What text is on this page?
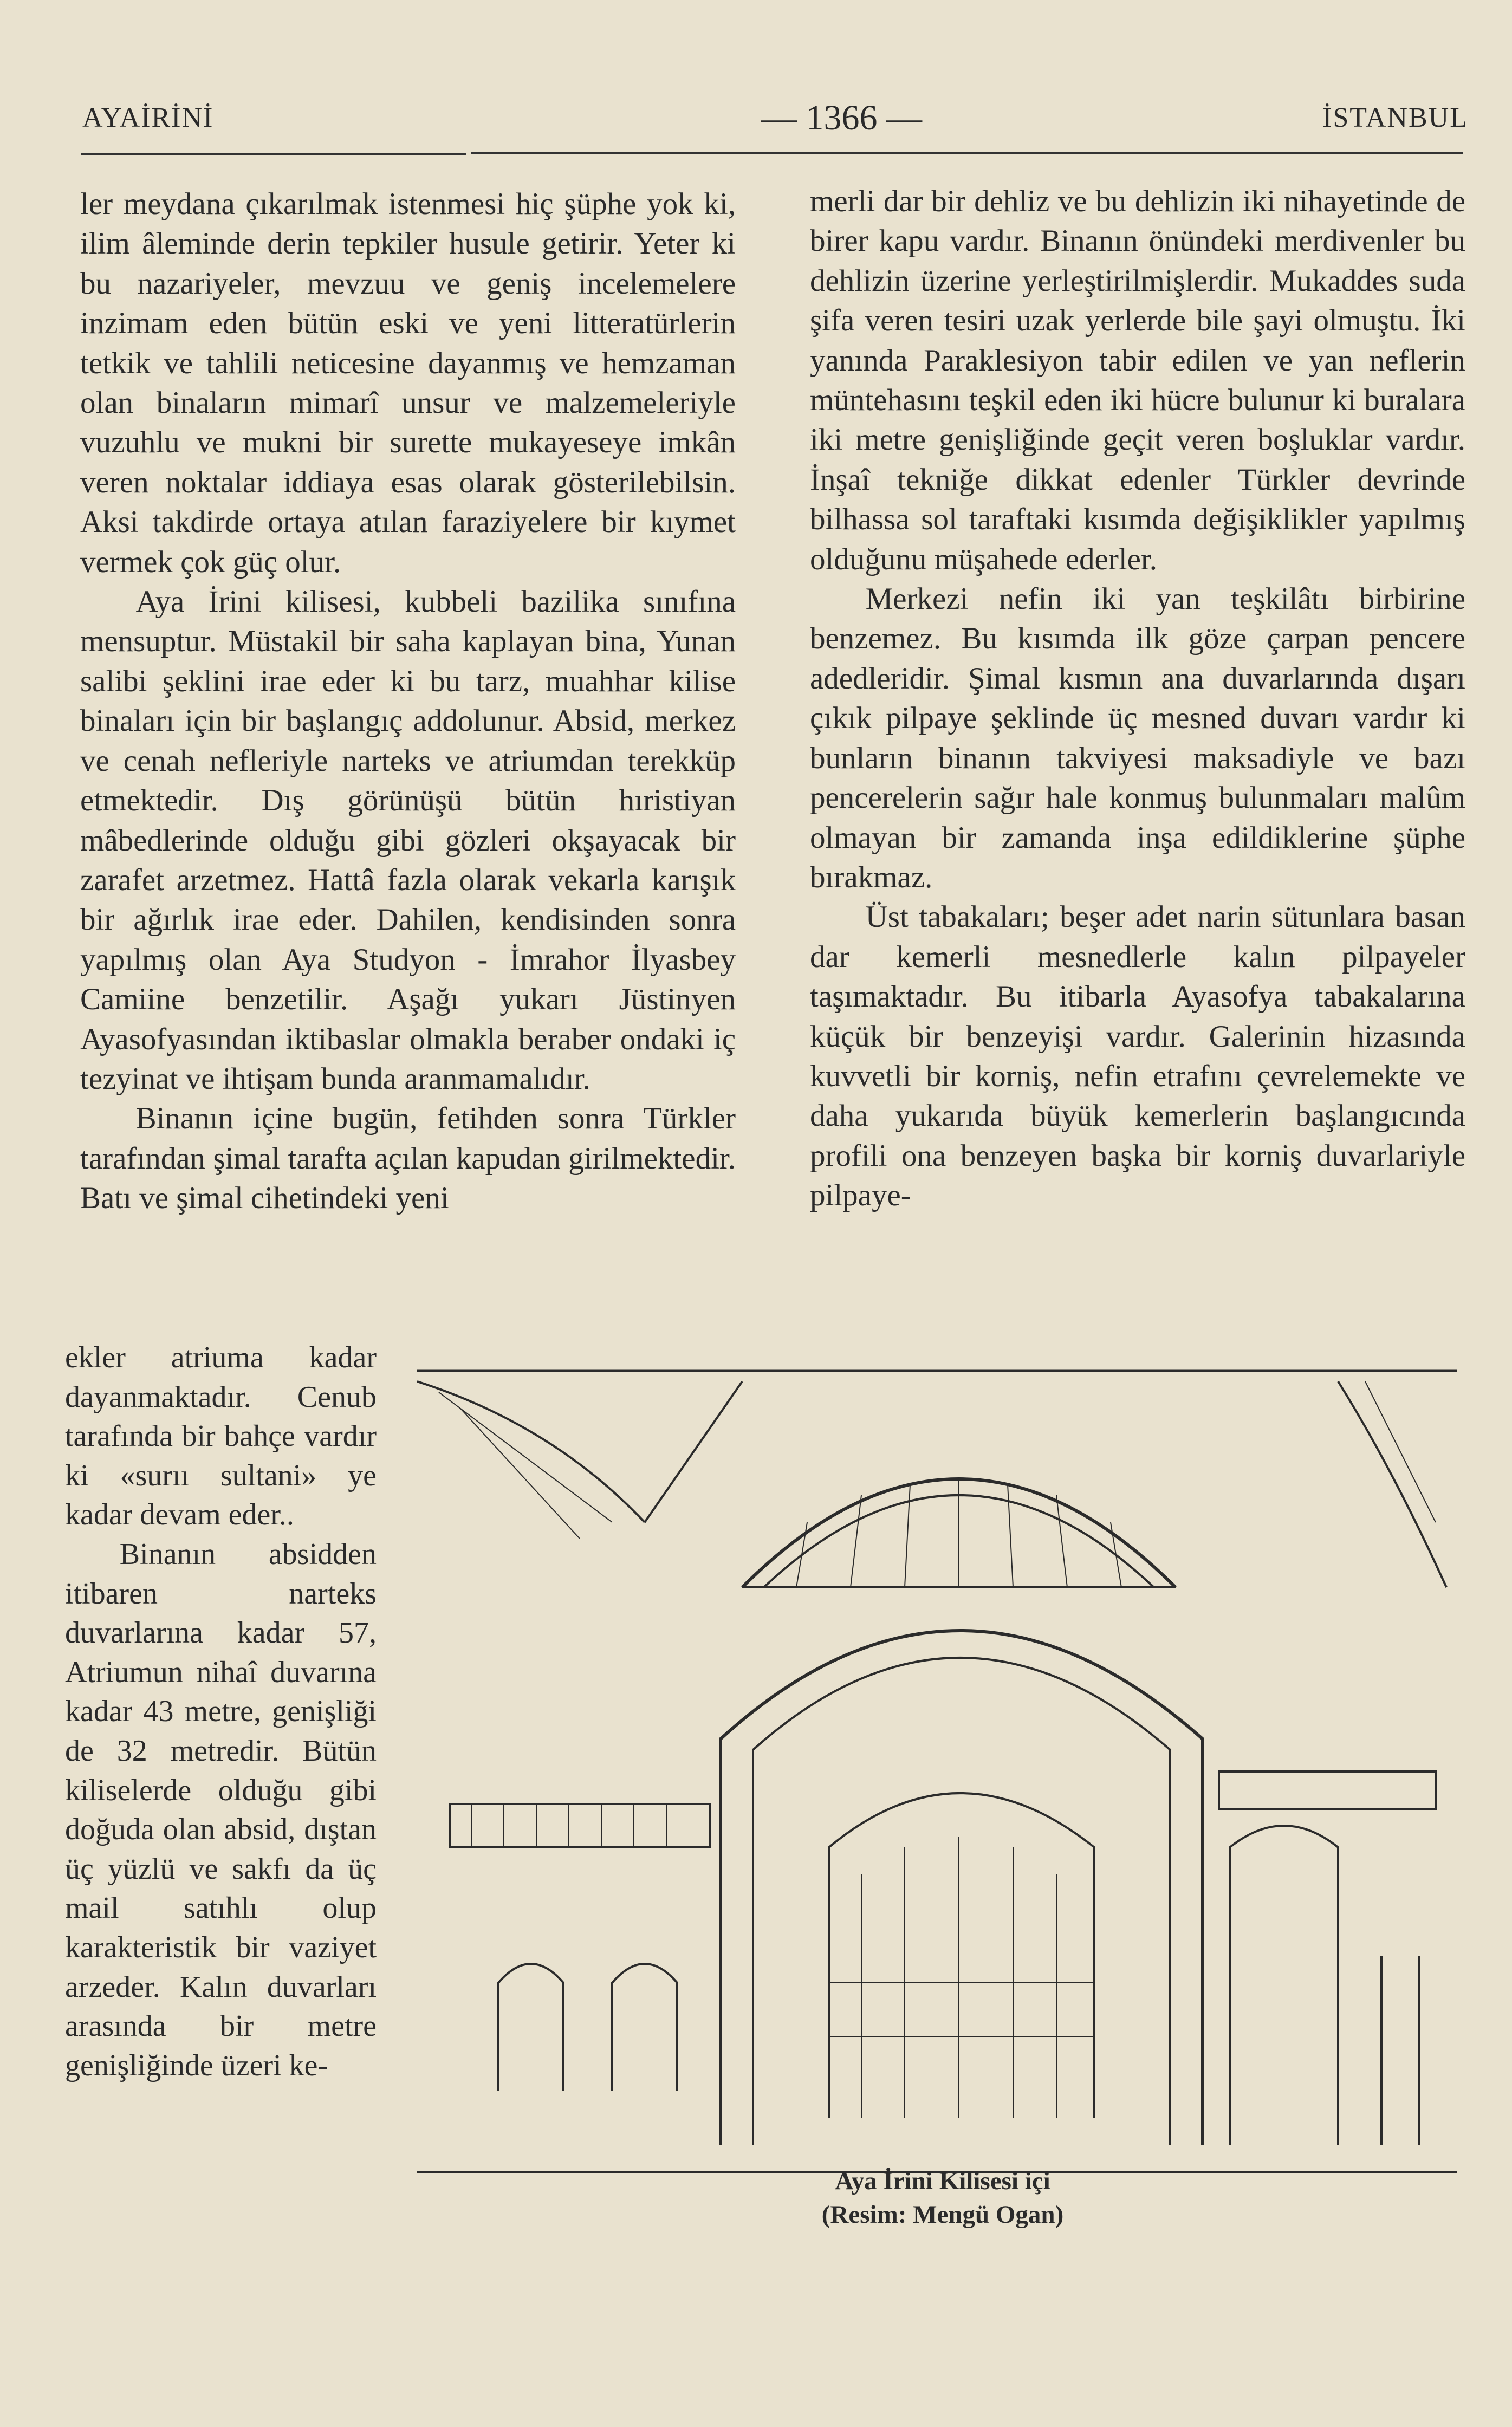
AYAİRİNİ	— 1366 —	İSTANBUL

ler meydana çıkarılmak istenmesi hiç şüphe yok ki, ilim âleminde derin tepkiler husule getirir. Yeter ki bu nazariyeler, mevzuu ve geniş incelemelere inzimam eden bütün eski ve yeni litteratürlerin tetkik ve tahlili neticesine dayanmış ve hemzaman olan binaların mimarî unsur ve malzemeleriyle vuzuhlu ve mukni bir surette mukayeseye imkân veren noktalar iddiaya esas olarak gösterilebilsin. Aksi takdirde ortaya atılan faraziyelere bir kıymet vermek çok güç olur.

Aya İrini kilisesi, kubbeli bazilika sınıfına mensuptur. Müstakil bir saha kaplayan bina, Yunan salibi şeklini irae eder ki bu tarz, muahhar kilise binaları için bir başlangıç addolunur. Absid, merkez ve cenah nefleriyle narteks ve atriumdan terekküp etmektedir. Dış görünüşü bütün hıristiyan mâbedlerinde olduğu gibi gözleri okşayacak bir zarafet arzetmez. Hattâ fazla olarak vekarla karışık bir ağırlık irae eder. Dahilen, kendisinden sonra yapılmış olan Aya Studyon - İmrahor İlyasbey Camiine benzetilir. Aşağı yukarı Jüstinyen Ayasofyasından iktibaslar olmakla beraber ondaki iç tezyinat ve ihtişam bunda aranmamalıdır.

Binanın içine bugün, fetihden sonra Türkler tarafından şimal tarafta açılan kapudan girilmektedir. Batı ve şimal cihetindeki yeni

ekler atriuma kadar dayanmaktadır. Cenub tarafında bir bahçe vardır ki «surıı sultani» ye kadar devam eder..

Binanın absidden itibaren narteks duvarlarına kadar 57, Atriumun nihaî duvarına kadar 43 metre, genişliği de 32 metredir. Bütün kiliselerde olduğu gibi doğuda olan absid, dıştan üç yüzlü ve sakfı da üç mail satıhlı olup karakteristik bir vaziyet arzeder. Kalın duvarları arasında bir metre genişliğinde üzeri ke-

merli dar bir dehliz ve bu dehlizin iki nihayetinde de birer kapu vardır. Binanın önündeki merdivenler bu dehlizin üzerine yerleştirilmişlerdir. Mukaddes suda şifa veren tesiri uzak yerlerde bile şayi olmuştu. İki yanında Paraklesiyon tabir edilen ve yan neflerin müntehasını teşkil eden iki hücre bulunur ki buralara iki metre genişliğinde geçit veren boşluklar vardır. İnşaî tekniğe dikkat edenler Türkler devrinde bilhassa sol taraftaki kısımda değişiklikler yapılmış olduğunu müşahede ederler.

Merkezi nefin iki yan teşkilâtı birbirine benzemez. Bu kısımda ilk göze çarpan pencere adedleridir. Şimal kısmın ana duvarlarında dışarı çıkık pilpaye şeklinde üç mesned duvarı vardır ki bunların binanın takviyesi maksadiyle ve bazı pencerelerin sağır hale konmuş bulunmaları malûm olmayan bir zamanda inşa edildiklerine şüphe bırakmaz.

Üst tabakaları; beşer adet narin sütunlara basan dar kemerli mesnedlerle kalın pilpayeler taşımaktadır. Bu itibarla Ayasofya tabakalarına küçük bir benzeyişi vardır. Galerinin hizasında kuvvetli bir korniş, nefin etrafını çevrelemekte ve daha yukarıda büyük kemerlerin başlangıcında profili ona benzeyen başka bir korniş duvarlariyle pilpaye-

Aya İrini Kilisesi içi
(Resim: Mengü Ogan)
